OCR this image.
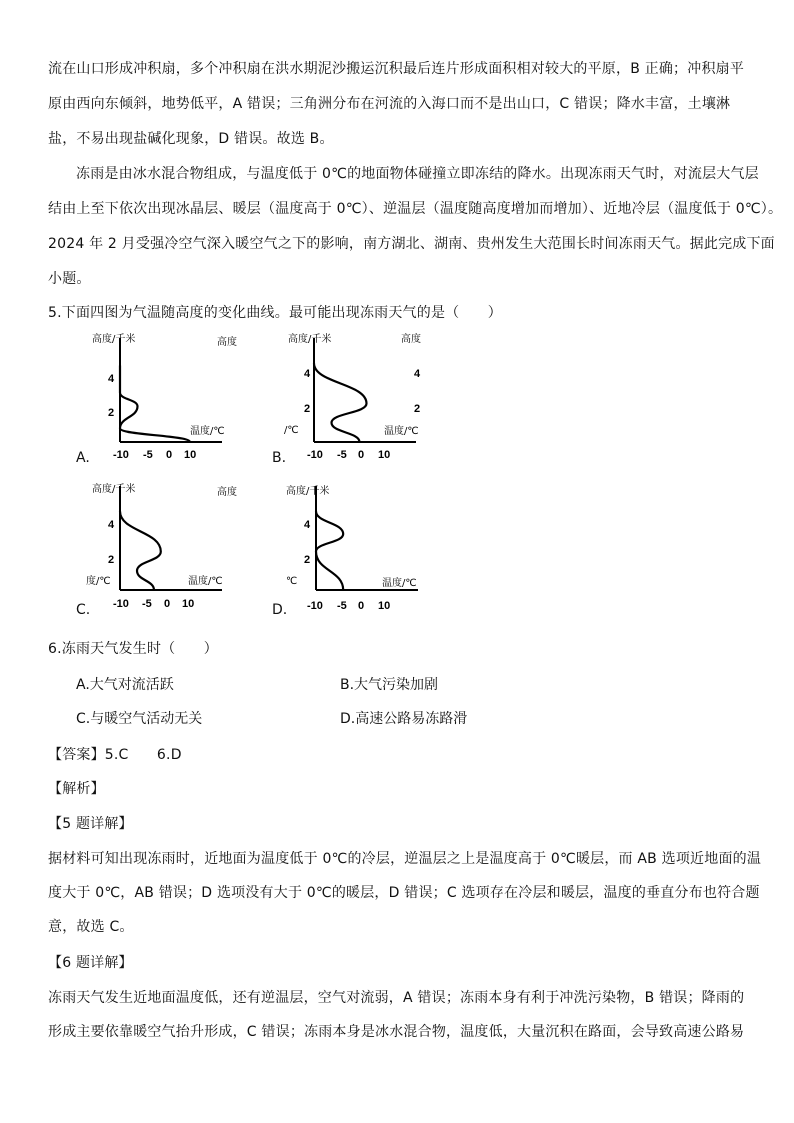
流在山口形成冲积扇，多个冲积扇在洪水期泥沙搬运沉积最后连片形成面积相对较大的平原，B 正确；冲积扇平
原由西向东倾斜，地势低平，A 错误；三角洲分布在河流的入海口而不是出山口，C 错误；降水丰富，土壤淋
盐，不易出现盐碱化现象，D 错误。故选 B。
冻雨是由冰水混合物组成，与温度低于 0℃的地面物体碰撞立即冻结的降水。出现冻雨天气时，对流层大气层
结由上至下依次出现冰晶层、暖层（温度高于 0℃）、逆温层（温度随高度增加而增加）、近地冷层（温度低于 0℃）。
2024 年 2 月受强冷空气深入暖空气之下的影响，南方湖北、湖南、贵州发生大范围长时间冻雨天气。据此完成下面
小题。
5.下面四图为气温随高度的变化曲线。最可能出现冻雨天气的是（　　）
高度/千米	高度
4
2
温度/℃
-10 -5 0 10
A.
高度/千米	高度
4
2
4
2
/℃	温度/℃
-10 -5 0 10
B.
高度/千米	高度
4
2
度/℃	温度/℃
-10 -5 0 10
C.
高度/千米
4
2
℃	温度/℃
-10 -5 0 10
D.
6.冻雨天气发生时（　　）
A.大气对流活跃	B.大气污染加剧
C.与暖空气活动无关	D.高速公路易冻路滑
【答案】5.C　　6.D
【解析】
【5 题详解】
据材料可知出现冻雨时，近地面为温度低于 0℃的冷层，逆温层之上是温度高于 0℃暖层，而 AB 选项近地面的温
度大于 0℃，AB 错误；D 选项没有大于 0℃的暖层，D 错误；C 选项存在冷层和暖层，温度的垂直分布也符合题
意，故选 C。
【6 题详解】
冻雨天气发生近地面温度低，还有逆温层，空气对流弱，A 错误；冻雨本身有利于冲洗污染物，B 错误；降雨的
形成主要依靠暖空气抬升形成，C 错误；冻雨本身是冰水混合物，温度低，大量沉积在路面，会导致高速公路易
